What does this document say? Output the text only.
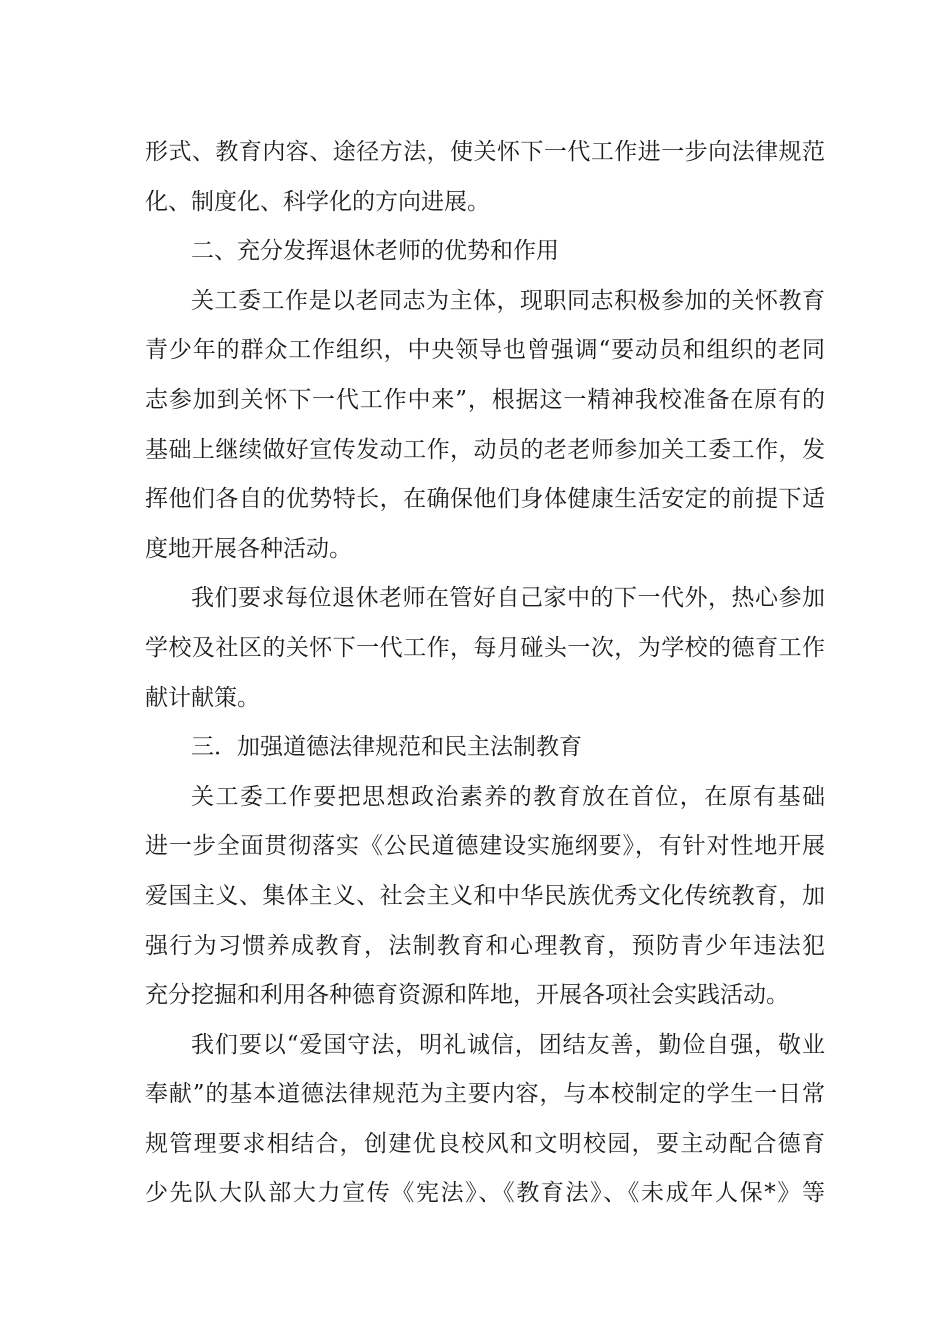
形式、教育内容、途径方法，使关怀下一代工作进一步向法律规范
化、制度化、科学化的方向进展。
二、充分发挥退休老师的优势和作用
关工委工作是以老同志为主体，现职同志积极参加的关怀教育
青少年的群众工作组织，中央领导也曾强调“要动员和组织的老同
志参加到关怀下一代工作中来”，根据这一精神我校准备在原有的
基础上继续做好宣传发动工作，动员的老老师参加关工委工作，发
挥他们各自的优势特长，在确保他们身体健康生活安定的前提下适
度地开展各种活动。
我们要求每位退休老师在管好自己家中的下一代外，热心参加
学校及社区的关怀下一代工作，每月碰头一次，为学校的德育工作
献计献策。
三．加强道德法律规范和民主法制教育
关工委工作要把思想政治素养的教育放在首位，在原有基础
进一步全面贯彻落实《公民道德建设实施纲要》，有针对性地开展
爱国主义、集体主义、社会主义和中华民族优秀文化传统教育，加
强行为习惯养成教育，法制教育和心理教育，预防青少年违法犯
充分挖掘和利用各种德育资源和阵地，开展各项社会实践活动。
我们要以“爱国守法，明礼诚信，团结友善，勤俭自强，敬业
奉献”的基本道德法律规范为主要内容，与本校制定的学生一日常
规管理要求相结合，创建优良校风和文明校园，要主动配合德育
少先队大队部大力宣传《宪法》、《教育法》、《未成年人保*》等
